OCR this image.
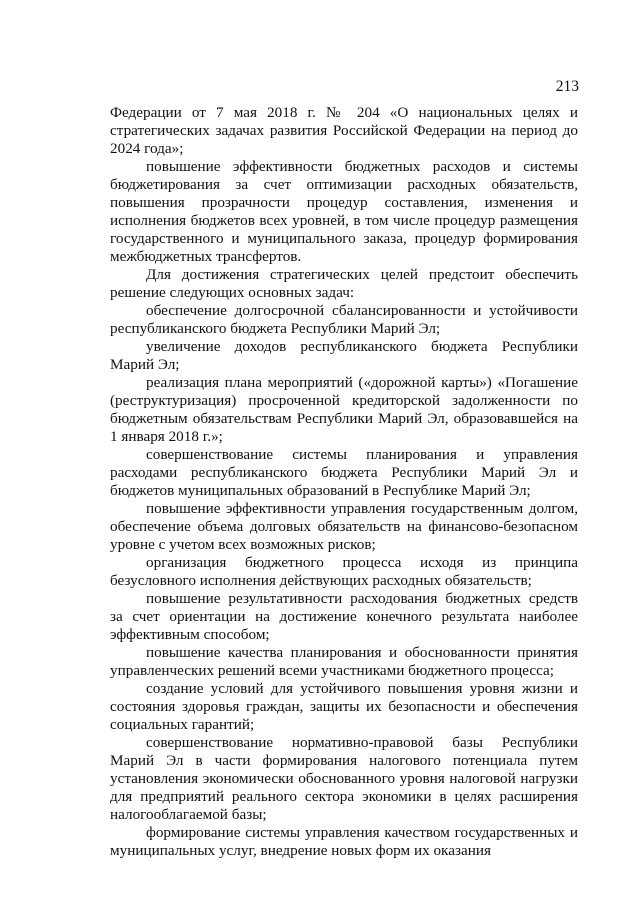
213

Федерации от 7 мая 2018 г. № 204 «О национальных целях и стратегических задачах развития Российской Федерации на период до 2024 года»;

повышение эффективности бюджетных расходов и системы бюджетирования за счет оптимизации расходных обязательств, повышения прозрачности процедур составления, изменения и исполнения бюджетов всех уровней, в том числе процедур размещения государственного и муниципального заказа, процедур формирования межбюджетных трансфертов.

Для достижения стратегических целей предстоит обеспечить решение следующих основных задач:

обеспечение долгосрочной сбалансированности и устойчивости республиканского бюджета Республики Марий Эл;

увеличение доходов республиканского бюджета Республики Марий Эл;

реализация плана мероприятий («дорожной карты») «Погашение (реструктуризация) просроченной кредиторской задолженности по бюджетным обязательствам Республики Марий Эл, образовавшейся на 1 января 2018 г.»;

совершенствование системы планирования и управления расходами республиканского бюджета Республики Марий Эл и бюджетов муниципальных образований в Республике Марий Эл;

повышение эффективности управления государственным долгом, обеспечение объема долговых обязательств на финансово-безопасном уровне с учетом всех возможных рисков;

организация бюджетного процесса исходя из принципа безусловного исполнения действующих расходных обязательств;

повышение результативности расходования бюджетных средств за счет ориентации на достижение конечного результата наиболее эффективным способом;

повышение качества планирования и обоснованности принятия управленческих решений всеми участниками бюджетного процесса;

создание условий для устойчивого повышения уровня жизни и состояния здоровья граждан, защиты их безопасности и обеспечения социальных гарантий;

совершенствование нормативно-правовой базы Республики Марий Эл в части формирования налогового потенциала путем установления экономически обоснованного уровня налоговой нагрузки для предприятий реального сектора экономики в целях расширения налогооблагаемой базы;

формирование системы управления качеством государственных и муниципальных услуг, внедрение новых форм их оказания
